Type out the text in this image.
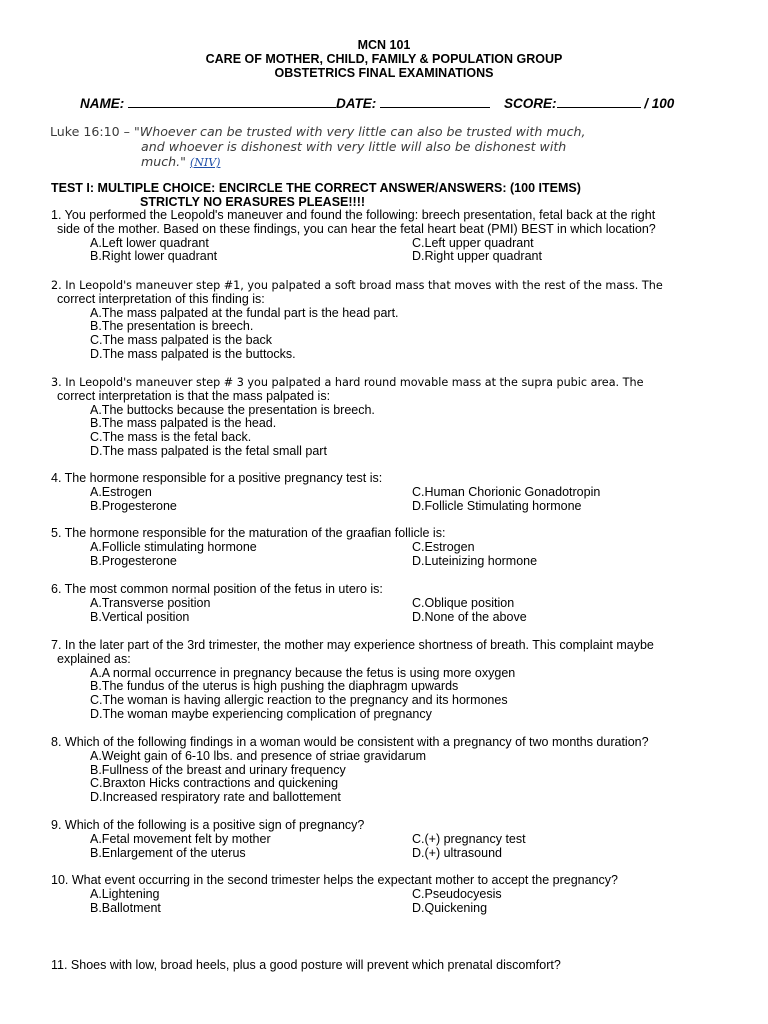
MCN 101
CARE OF MOTHER, CHILD, FAMILY & POPULATION GROUP
OBSTETRICS FINAL EXAMINATIONS
NAME:	DATE:	SCORE:	/ 100
Luke 16:10 – "Whoever can be trusted with very little can also be trusted with much,
and whoever is dishonest with very little will also be dishonest with
much." (NIV)
TEST I: MULTIPLE CHOICE: ENCIRCLE THE CORRECT ANSWER/ANSWERS: (100 ITEMS)
STRICTLY NO ERASURES PLEASE!!!!
1. You performed the Leopold's maneuver and found the following: breech presentation, fetal back at the right
side of the mother. Based on these findings, you can hear the fetal heart beat (PMI) BEST in which location?
A.Left lower quadrant	C.Left upper quadrant
B.Right lower quadrant	D.Right upper quadrant
2. In Leopold's maneuver step #1, you palpated a soft broad mass that moves with the rest of the mass. The
correct interpretation of this finding is:
A.The mass palpated at the fundal part is the head part.
B.The presentation is breech.
C.The mass palpated is the back
D.The mass palpated is the buttocks.
3. In Leopold's maneuver step # 3 you palpated a hard round movable mass at the supra pubic area. The
correct interpretation is that the mass palpated is:
A.The buttocks because the presentation is breech.
B.The mass palpated is the head.
C.The mass is the fetal back.
D.The mass palpated is the fetal small part
4. The hormone responsible for a positive pregnancy test is:
A.Estrogen	C.Human Chorionic Gonadotropin
B.Progesterone	D.Follicle Stimulating hormone
5. The hormone responsible for the maturation of the graafian follicle is:
A.Follicle stimulating hormone	C.Estrogen
B.Progesterone	D.Luteinizing hormone
6. The most common normal position of the fetus in utero is:
A.Transverse position	C.Oblique position
B.Vertical position	D.None of the above
7. In the later part of the 3rd trimester, the mother may experience shortness of breath. This complaint maybe
explained as:
A.A normal occurrence in pregnancy because the fetus is using more oxygen
B.The fundus of the uterus is high pushing the diaphragm upwards
C.The woman is having allergic reaction to the pregnancy and its hormones
D.The woman maybe experiencing complication of pregnancy
8. Which of the following findings in a woman would be consistent with a pregnancy of two months duration?
A.Weight gain of 6-10 lbs. and presence of striae gravidarum
B.Fullness of the breast and urinary frequency
C.Braxton Hicks contractions and quickening
D.Increased respiratory rate and ballottement
9. Which of the following is a positive sign of pregnancy?
A.Fetal movement felt by mother	C.(+) pregnancy test
B.Enlargement of the uterus	D.(+) ultrasound
10. What event occurring in the second trimester helps the expectant mother to accept the pregnancy?
A.Lightening	C.Pseudocyesis
B.Ballotment	D.Quickening
11. Shoes with low, broad heels, plus a good posture will prevent which prenatal discomfort?
